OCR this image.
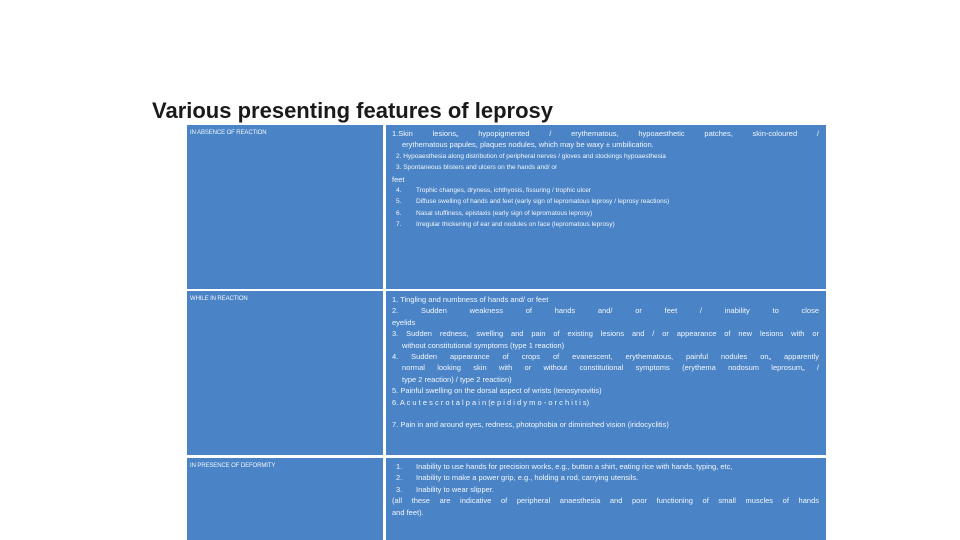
Various presenting features of leprosy
IN ABSENCE OF REACTION	1.Skin lesions„ hypopigmented / erythematous, hypoaesthetic patches, skin-coloured /
erythematous papules, plaques nodules, which may be waxy ± umbilication.
2. Hypoaesthesia along distribution of peripheral nerves / gloves and stockings hypoaesthesia
3. Spontaneous blisters and ulcers on the hands and/ or
feet
4. Trophic changes, dryness, ichthyosis, fissuring / trophic ulcer
5. Diffuse swelling of hands and feet (early sign of lepromatous leprosy / leprosy reactions)
6. Nasal stuffiness, epistaxis (early sign of lepromatous leprosy)
7. Irregular thickening of ear and nodules on face (lepromatous leprosy)
WHILE IN REACTION	1. Tingling and numbness of hands and/ or feet
2. Sudden weakness of hands and/ or feet / inability to close
eyelids
3. Sudden redness, swelling and pain of existing lesions and / or appearance of new lesions with or
without constitutional symptoms (type 1 reaction)
4. Sudden appearance of crops of evanescent, erythematous, painful nodules on„ apparently
normal looking skin with or without constitutional symptoms (erythema nodosum leprosum„ /
type 2 reaction) / type 2 reaction)
5. Painful swelling on the dorsal aspect of wrists (tenosynovitis)
6. A c u t e s c r o t a l p a i n (e p i d i d y m o - o r c h i t i s)
7. Pain in and around eyes, redness, photophobia or diminished vision (iridocyclitis)
IN PRESENCE OF DEFORMITY	1. Inability to use hands for precision works, e.g., button a shirt, eating rice with hands, typing, etc,
2. Inability to make a power grip, e.g., holding a rod, carrying utensils.
3. Inability to wear slipper.
(all these are indicative of peripheral anaesthesia and poor functioning of small muscles of hands
and feet).
